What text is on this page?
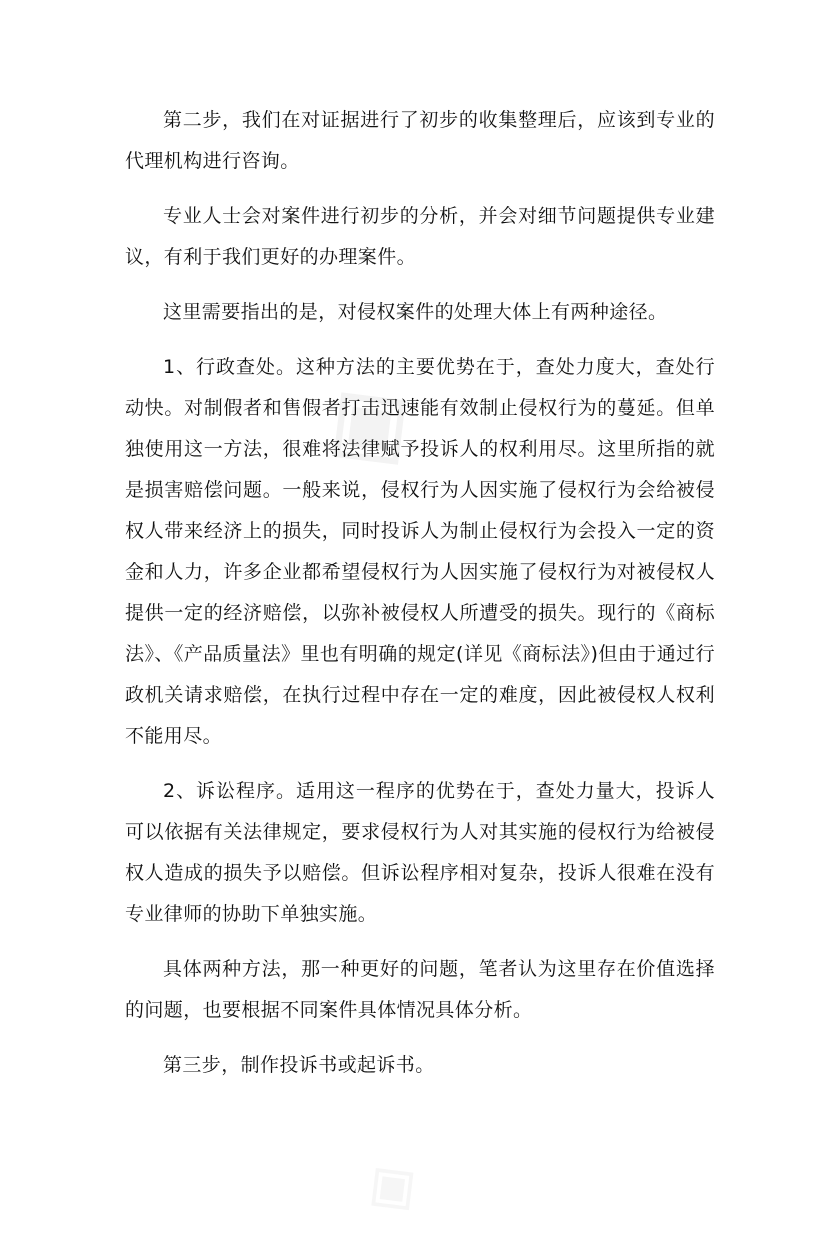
◈
◈

第二步，我们在对证据进行了初步的收集整理后，应该到专业的代理机构进行咨询。

专业人士会对案件进行初步的分析，并会对细节问题提供专业建议，有利于我们更好的办理案件。

这里需要指出的是，对侵权案件的处理大体上有两种途径。

1、行政查处。这种方法的主要优势在于，查处力度大，查处行动快。对制假者和售假者打击迅速能有效制止侵权行为的蔓延。但单独使用这一方法，很难将法律赋予投诉人的权利用尽。这里所指的就是损害赔偿问题。一般来说，侵权行为人因实施了侵权行为会给被侵权人带来经济上的损失，同时投诉人为制止侵权行为会投入一定的资金和人力，许多企业都希望侵权行为人因实施了侵权行为对被侵权人提供一定的经济赔偿，以弥补被侵权人所遭受的损失。现行的《商标法》、《产品质量法》里也有明确的规定(详见《商标法》)但由于通过行政机关请求赔偿，在执行过程中存在一定的难度，因此被侵权人权利不能用尽。

2、诉讼程序。适用这一程序的优势在于，查处力量大，投诉人可以依据有关法律规定，要求侵权行为人对其实施的侵权行为给被侵权人造成的损失予以赔偿。但诉讼程序相对复杂，投诉人很难在没有专业律师的协助下单独实施。

具体两种方法，那一种更好的问题，笔者认为这里存在价值选择的问题，也要根据不同案件具体情况具体分析。

第三步，制作投诉书或起诉书。
